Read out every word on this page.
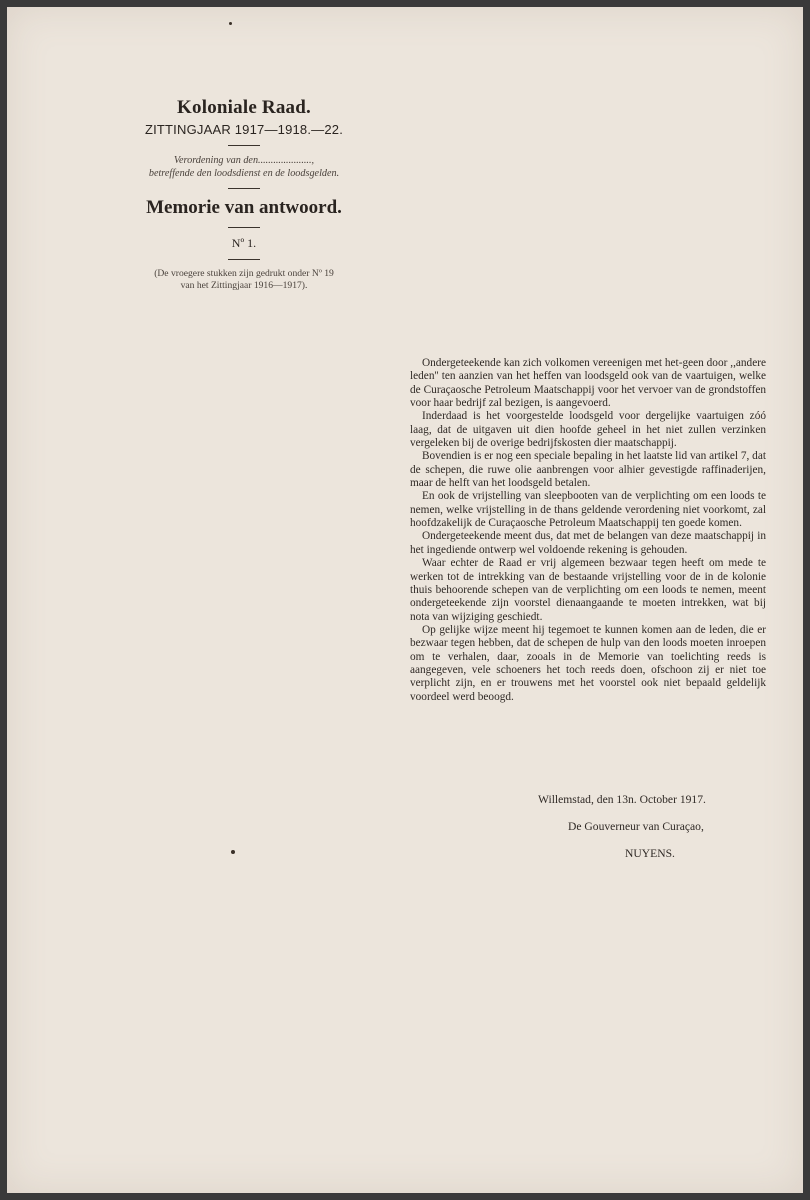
Koloniale Raad.

ZITTINGJAAR 1917—1918.—22.

Verordening van den.....................,
betreffende den loodsdienst en de loodsgelden.

Memorie van antwoord.

Nº 1.

(De vroegere stukken zijn gedrukt onder Nº 19
van het Zittingjaar 1916—1917).

Ondergeteekende kan zich volkomen vereenigen met het-geen door ,,andere leden'' ten aanzien van het heffen van loodsgeld ook van de vaartuigen, welke de Curaçaosche Petroleum Maatschappij voor het vervoer van de grondstoffen voor haar bedrijf zal bezigen, is aangevoerd.

Inderdaad is het voorgestelde loodsgeld voor dergelijke vaartuigen zóó laag, dat de uitgaven uit dien hoofde geheel in het niet zullen verzinken vergeleken bij de overige bedrijfskosten dier maatschappij.

Bovendien is er nog een speciale bepaling in het laatste lid van artikel 7, dat de schepen, die ruwe olie aanbrengen voor alhier gevestigde raffinaderijen, maar de helft van het loodsgeld betalen.

En ook de vrijstelling van sleepbooten van de verplichting om een loods te nemen, welke vrijstelling in de thans geldende verordening niet voorkomt, zal hoofdzakelijk de Curaçaosche Petroleum Maatschappij ten goede komen.

Ondergeteekende meent dus, dat met de belangen van deze maatschappij in het ingediende ontwerp wel voldoende rekening is gehouden.

Waar echter de Raad er vrij algemeen bezwaar tegen heeft om mede te werken tot de intrekking van de bestaande vrijstelling voor de in de kolonie thuis behoorende schepen van de verplichting om een loods te nemen, meent ondergeteekende zijn voorstel dienaangaande te moeten intrekken, wat bij nota van wijziging geschiedt.

Op gelijke wijze meent hij tegemoet te kunnen komen aan de leden, die er bezwaar tegen hebben, dat de schepen de hulp van den loods moeten inroepen om te verhalen, daar, zooals in de Memorie van toelichting reeds is aangegeven, vele schoeners het toch reeds doen, ofschoon zij er niet toe verplicht zijn, en er trouwens met het voorstel ook niet bepaald geldelijk voordeel werd beoogd.

Willemstad, den 13n. October 1917.
De Gouverneur van Curaçao,
NUYENS.
